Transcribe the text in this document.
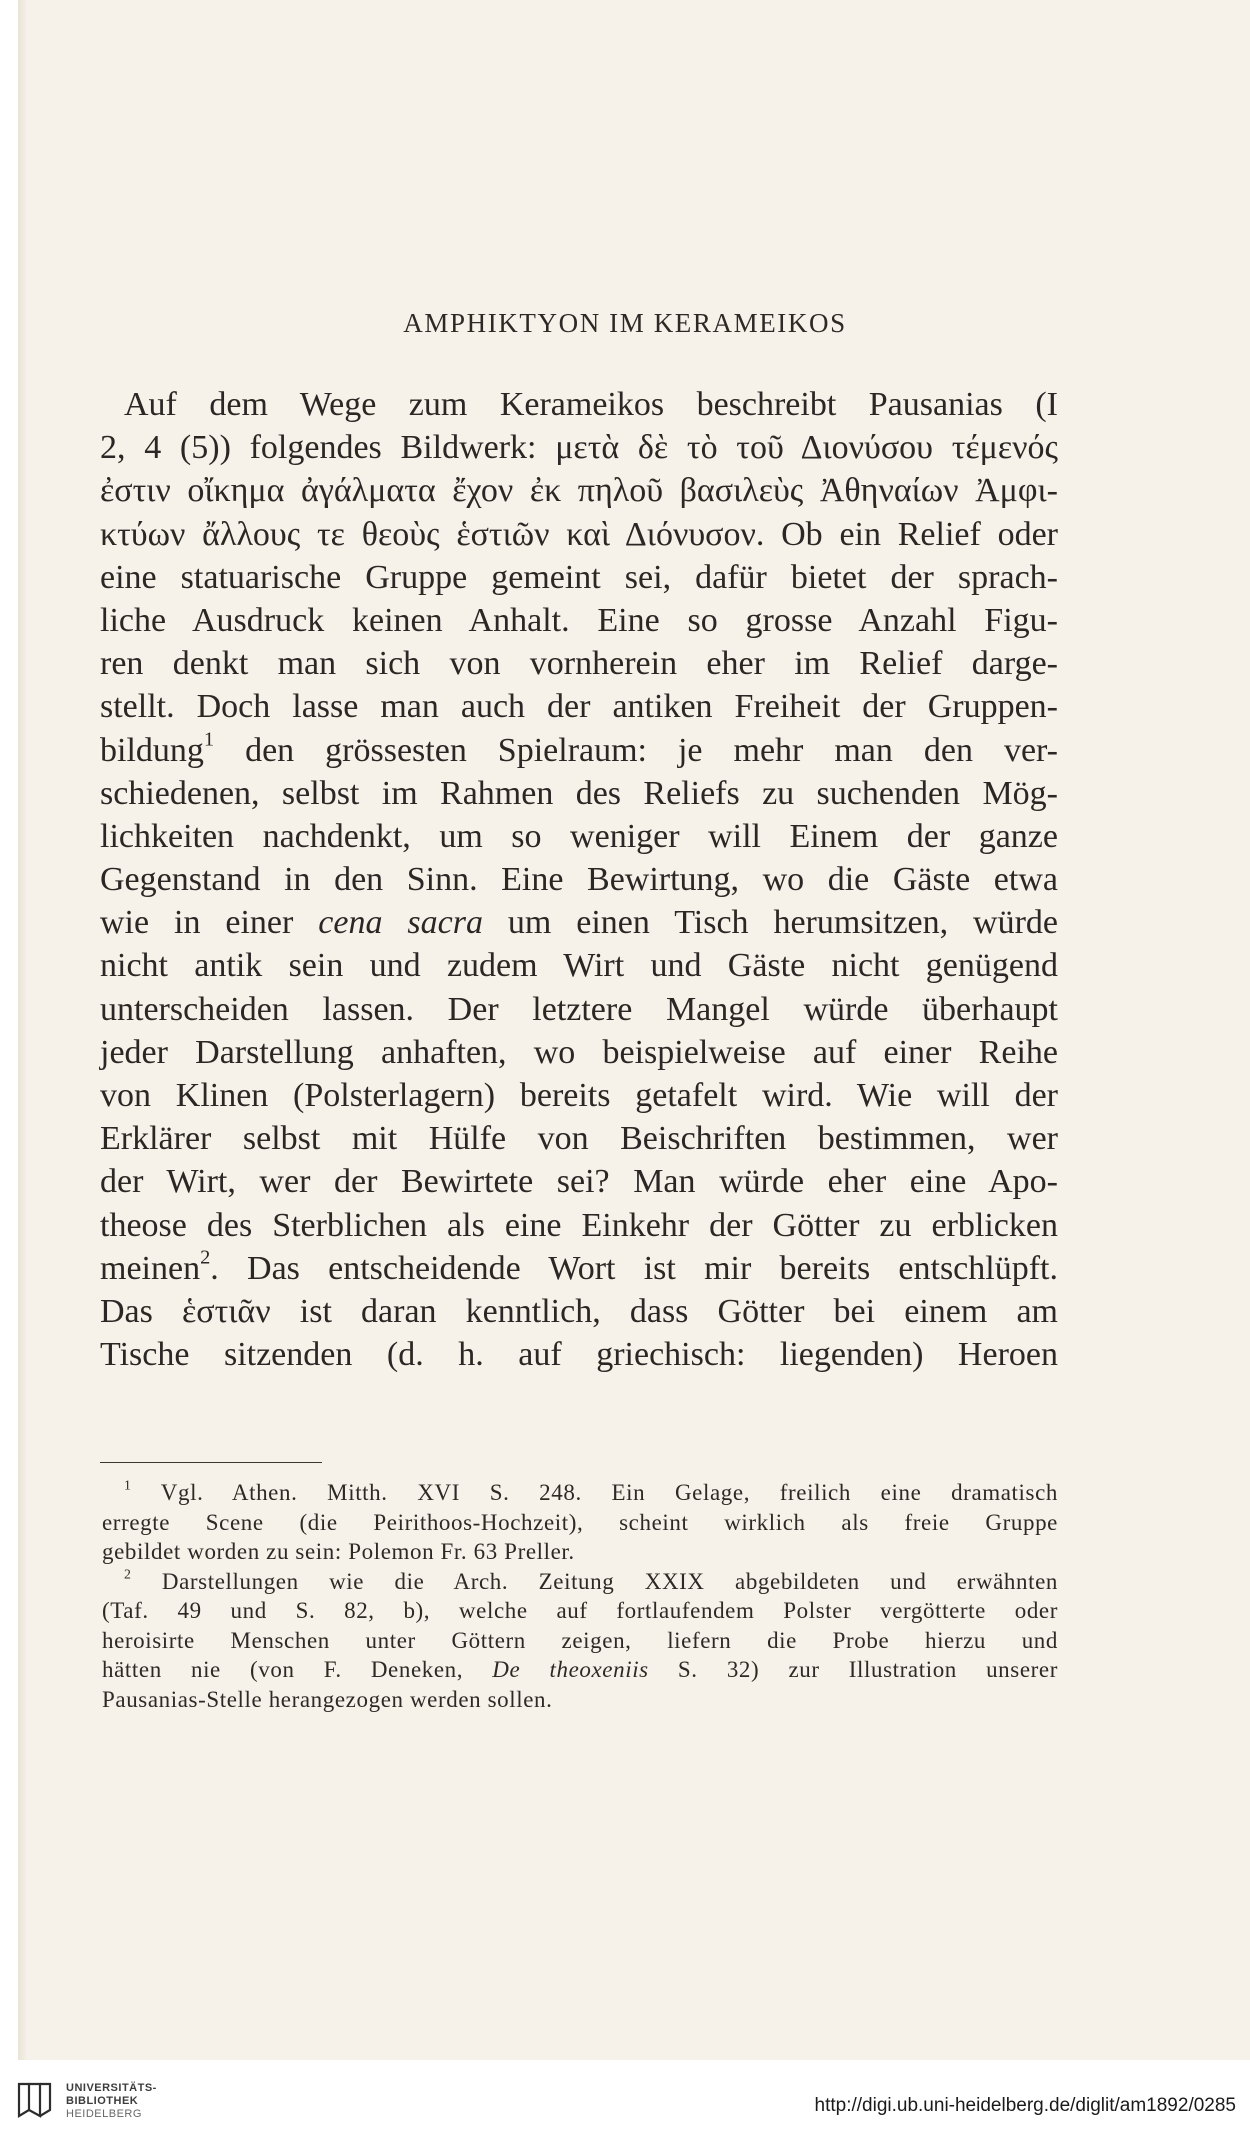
AMPHIKTYON IM KERAMEIKOS
Auf dem Wege zum Kerameikos beschreibt Pausanias (I
2, 4 (5)) folgendes Bildwerk: μετὰ δὲ τὸ τοῦ Διονύσου τέμενός
ἐστιν οἴκημα ἀγάλματα ἔχον ἐκ πηλοῦ βασιλεὺς Ἀθηναίων Ἀμφι-
κτύων ἄλλους τε θεοὺς ἑστιῶν καὶ Διόνυσον. Ob ein Relief oder
eine statuarische Gruppe gemeint sei, dafür bietet der sprach-
liche Ausdruck keinen Anhalt. Eine so grosse Anzahl Figu-
ren denkt man sich von vornherein eher im Relief darge-
stellt. Doch lasse man auch der antiken Freiheit der Gruppen-
bildung$^1$ den grössesten Spielraum: je mehr man den ver-
schiedenen, selbst im Rahmen des Reliefs zu suchenden Mög-
lichkeiten nachdenkt, um so weniger will Einem der ganze
Gegenstand in den Sinn. Eine Bewirtung, wo die Gäste etwa
wie in einer cena sacra um einen Tisch herumsitzen, würde
nicht antik sein und zudem Wirt und Gäste nicht genügend
unterscheiden lassen. Der letztere Mangel würde überhaupt
jeder Darstellung anhaften, wo beispielweise auf einer Reihe
von Klinen (Polsterlagern) bereits getafelt wird. Wie will der
Erklärer selbst mit Hülfe von Beischriften bestimmen, wer
der Wirt, wer der Bewirtete sei? Man würde eher eine Apo-
theose des Sterblichen als eine Einkehr der Götter zu erblicken
meinen$^2$. Das entscheidende Wort ist mir bereits entschlüpft.
Das ἑστιᾶν ist daran kenntlich, dass Götter bei einem am
Tische sitzenden (d. h. auf griechisch: liegenden) Heroen
$^1$ Vgl. Athen. Mitth. XVI S. 248. Ein Gelage, freilich eine dramatisch
erregte Scene (die Peirithoos-Hochzeit), scheint wirklich als freie Gruppe
gebildet worden zu sein: Polemon Fr. 63 Preller.
$^2$ Darstellungen wie die Arch. Zeitung XXIX abgebildeten und erwähnten
(Taf. 49 und S. 82, b), welche auf fortlaufendem Polster vergötterte oder
heroisirte Menschen unter Göttern zeigen, liefern die Probe hierzu und
hätten nie (von F. Deneken, De theoxeniis S. 32) zur Illustration unserer
Pausanias-Stelle herangezogen werden sollen.
UNIVERSITÄTS-
BIBLIOTHEK
HEIDELBERG	http://digi.ub.uni-heidelberg.de/diglit/am1892/0285
